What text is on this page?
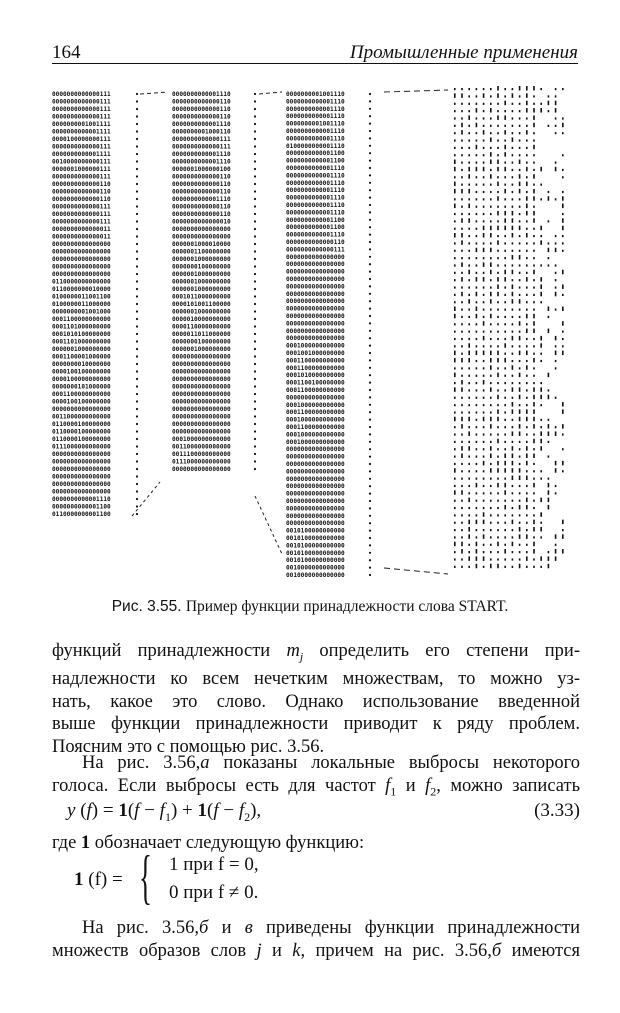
164	Промышленные применения
0000000000000111
0000000000000111
0000000000000111
0000000000000111
0000000001001111
0000000000001111
0000100000000111
0000000000000111
0000000000001111
0010000000000111
0000001000000111
0000000000000111
0000000000000110
0000000000000110
0000000000000110
0000000000000111
0000000000000111
0000000000000111
0000000000000011
0000000000000011
0000000000000000
0000000000000000
0000000000000000
0000000000000000
0000000000000000
0110000000000000
0110000000010000
0100000011001100
0100000011000000
0000000001001000
0001100000000000
0001101000000000
0001010100000000
0001101000000000
0000001000000000
0001100001000000
0000000010000000
0000100100000000
0000100000000000
0000000101000000
0001100000000000
0000100100000000
0000000000000000
0011000000000000
0110000100000000
0110000100000000
0110000100000000
0111000000000000
0000000000000000
0000000000000000
0000000000000000
0000000000000000
0000000000000000
0000000000000000
0000000000001110
0000000000001100
0110000000001100
0000000000001110
0000000000000110
0000000000000110
0000000000000110
0000000000001110
0000000001000110
0000000000000111
0000000000000111
0000000000001110
0000000000001110
0000001000000100
0000000000000110
0000000000000110
0000000000000110
0000000000001110
0000000000000110
0000000000000110
0000000000000010
0000000000000000
0000000000000000
0000001000010000
0000001100000000
0000001000000000
0000000100000000
0000001000000000
0000001000000000
0000001000000000
0001011000000000
0000101001100000
0000001000000000
0000010000000000
0000110000000000
0000011011000000
0000000100000000
0000001000000000
0000000000000000
0000000000000000
0000000000000000
0000000000000000
0000000000000000
0000000000000000
0000000000000000
0000000000000000
0000000000000000
0000000000000000
0000000000000000
0001000000000000
0011000000000000
0011100000000000
0111000000000000
0000000000000000
0000000001001110
0000000000001110
0000000000001110
0000000000001110
0000000001001110
0000000000001110
0000000000001110
0100000000001110
0000000000001100
0000000000001100
0000000000001110
0000000000001110
0000000000001110
0000000000001110
0000000000001110
0000000000001110
0000000000001110
0000000000001100
0000000000001100
0000000000001110
0000000000000110
0000000000000111
0000000000000000
0000000000000000
0000000000000000
0000000000000000
0000000000000000
0000000000000000
0000000000000000
0000000000000000
0000000000000000
0000000000000000
0000000000000000
0000000000000000
0001000000000000
0001001000000000
0001100000000000
0001100000000000
0001010000000000
0001100100000000
0001100000000000
0000000000000000
0001000000000000
0001100000000000
0001000000000000
0001100000000000
0001000000000000
0001000000000000
0000000000000000
0000000000000000
0000000000000000
0000000000000000
0000000000000000
0000000000000000
0000000000000000
0000000000000000
0000000000000000
0000000000000000
0000000000000000
0010100000000000
0010100000000000
0010100000000000
0010100000000000
0010100000000000
0010000000000000
0010000000000000
Рис. 3.55. Пример функции принадлежности слова START.
функций принадлежности $m_j$ определить его степени при-
надлежности ко всем нечетким множествам, то можно уз-
нать, какое это слово. Однако использование введенной
выше функции принадлежности приводит к ряду проблем.
Поясним это с помощью рис. 3.56.
На рис. 3.56,а показаны локальные выбросы некоторого
голоса. Если выбросы есть для частот $f_1$ и $f_2$, можно записать
y $(f) = 1(f - f_1) + 1(f - f_2)$,	(3.33)
где 1 обозначает следующую функцию:
1 (f) = { 1 при f = 0,
0 при f ≠ 0.
На рис. 3.56,б и в приведены функции принадлежности
множеств образов слов j и k, причем на рис. 3.56,б имеются
